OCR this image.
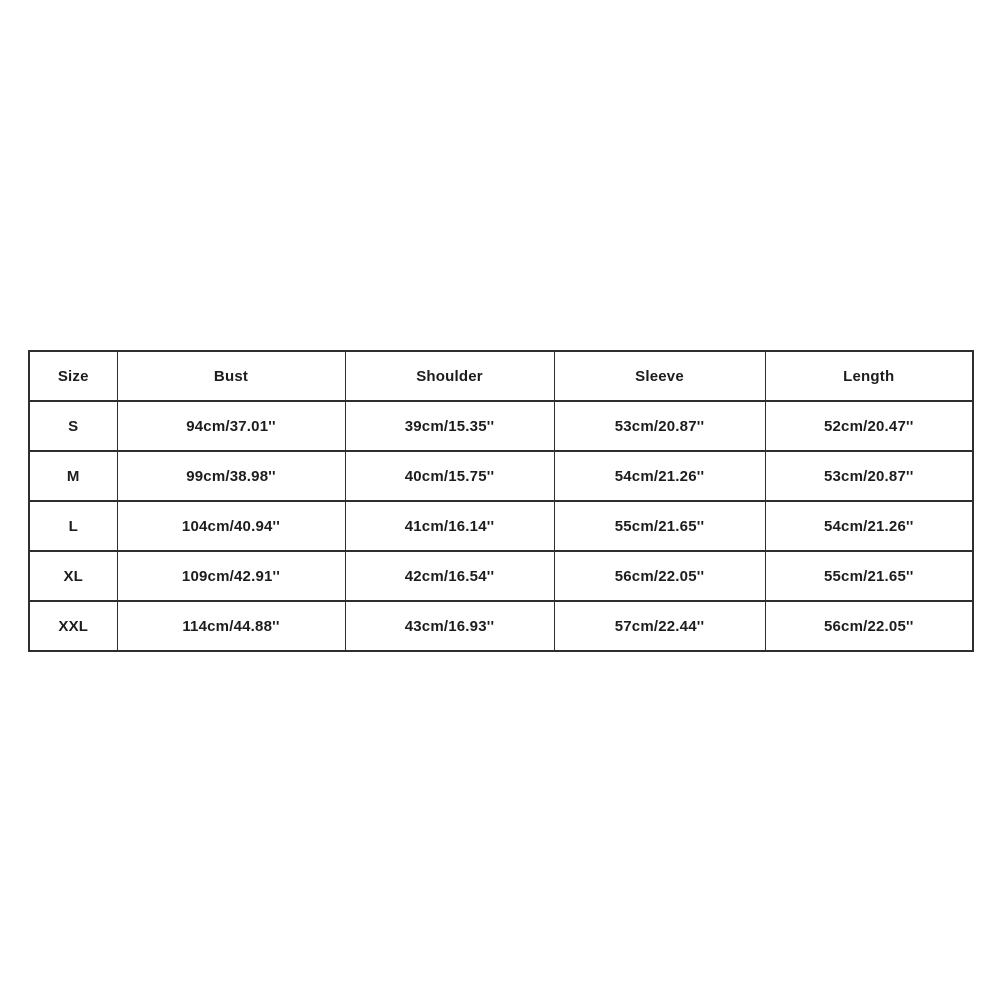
Size	Bust	Shoulder	Sleeve	Length
S	94cm/37.01''	39cm/15.35''	53cm/20.87''	52cm/20.47''
M	99cm/38.98''	40cm/15.75''	54cm/21.26''	53cm/20.87''
L	104cm/40.94''	41cm/16.14''	55cm/21.65''	54cm/21.26''
XL	109cm/42.91''	42cm/16.54''	56cm/22.05''	55cm/21.65''
XXL	114cm/44.88''	43cm/16.93''	57cm/22.44''	56cm/22.05''
